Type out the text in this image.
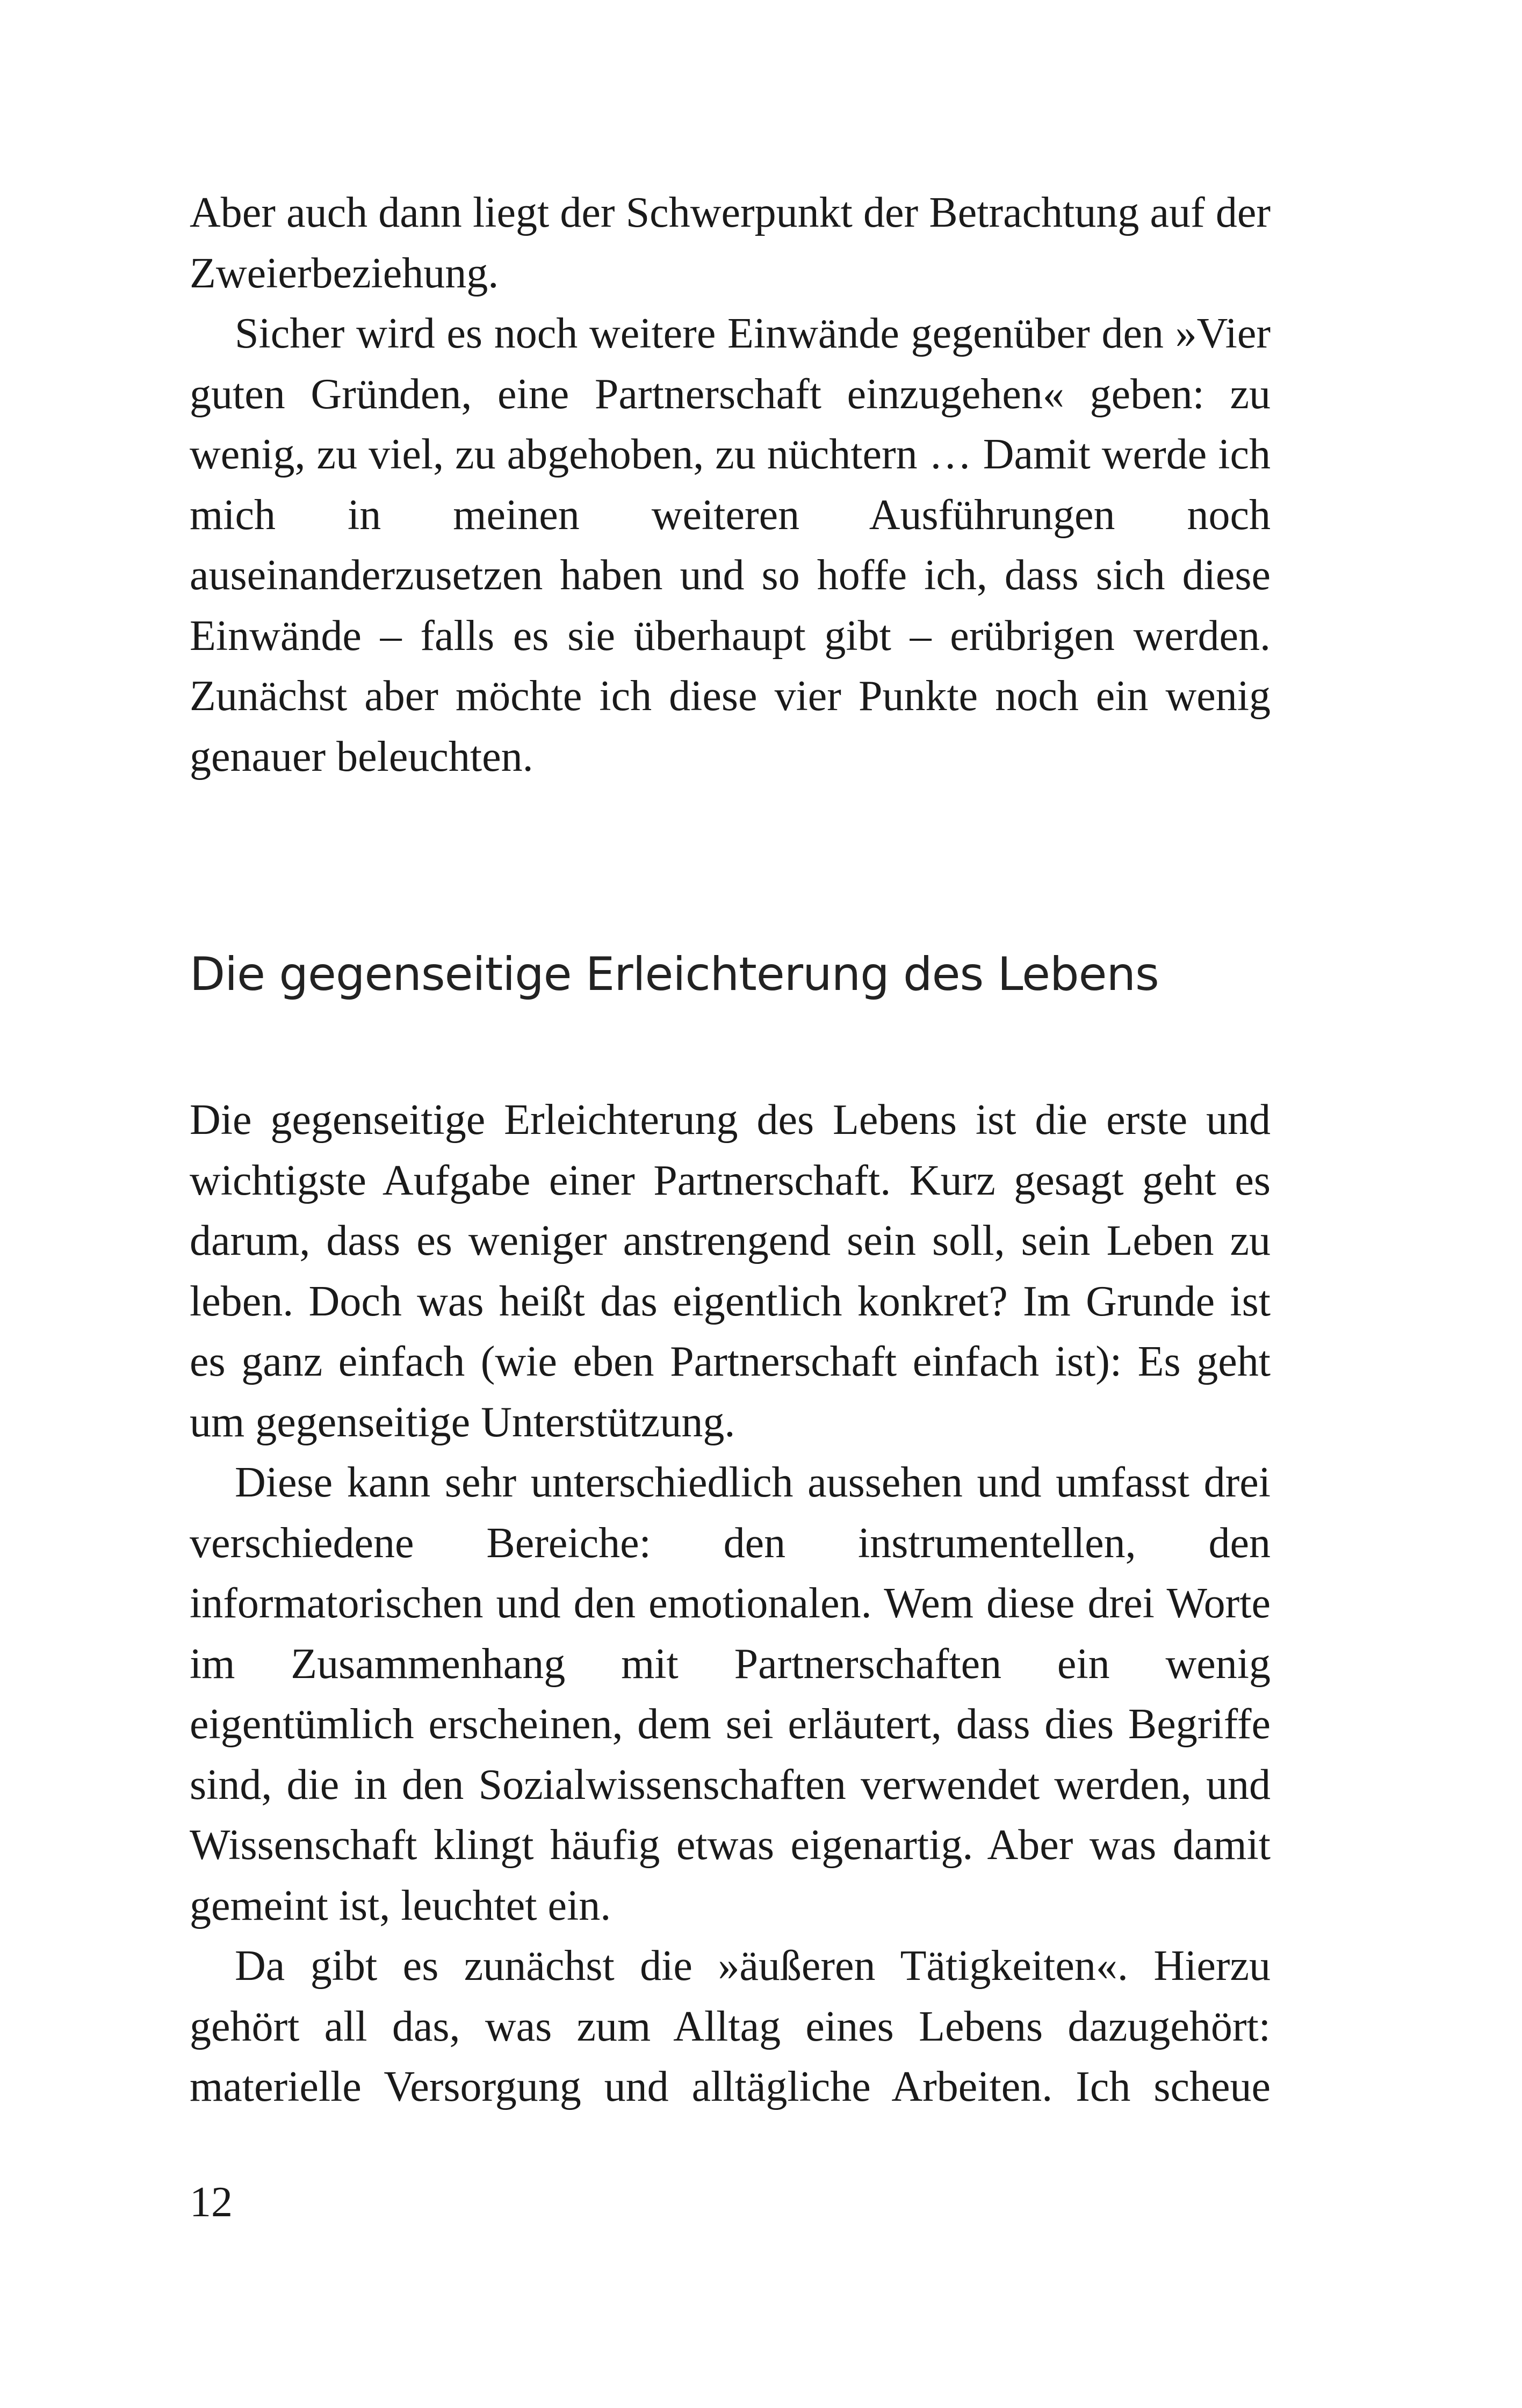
Aber auch dann liegt der Schwerpunkt der Betrachtung auf der Zweierbeziehung.

Sicher wird es noch weitere Einwände gegenüber den »Vier guten Gründen, eine Partnerschaft einzugehen« geben: zu wenig, zu viel, zu abgehoben, zu nüchtern … Damit werde ich mich in meinen weiteren Ausführungen noch auseinanderzusetzen haben und so hoffe ich, dass sich diese Einwände – falls es sie überhaupt gibt – erübrigen werden. Zunächst aber möchte ich diese vier Punkte noch ein wenig genauer beleuchten.

Die gegenseitige Erleichterung des Lebens

Die gegenseitige Erleichterung des Lebens ist die erste und wichtigste Aufgabe einer Partnerschaft. Kurz gesagt geht es darum, dass es weniger anstrengend sein soll, sein Leben zu leben. Doch was heißt das eigentlich konkret? Im Grunde ist es ganz einfach (wie eben Partnerschaft einfach ist): Es geht um gegenseitige Unterstützung.

Diese kann sehr unterschiedlich aussehen und umfasst drei verschiedene Bereiche: den instrumentellen, den informatorischen und den emotionalen. Wem diese drei Worte im Zusammenhang mit Partnerschaften ein wenig eigentümlich erscheinen, dem sei erläutert, dass dies Begriffe sind, die in den Sozialwissenschaften verwendet werden, und Wissenschaft klingt häufig etwas eigenartig. Aber was damit gemeint ist, leuchtet ein.

Da gibt es zunächst die »äußeren Tätigkeiten«. Hierzu gehört all das, was zum Alltag eines Lebens dazugehört: materielle Versorgung und alltägliche Arbeiten. Ich scheue

12
